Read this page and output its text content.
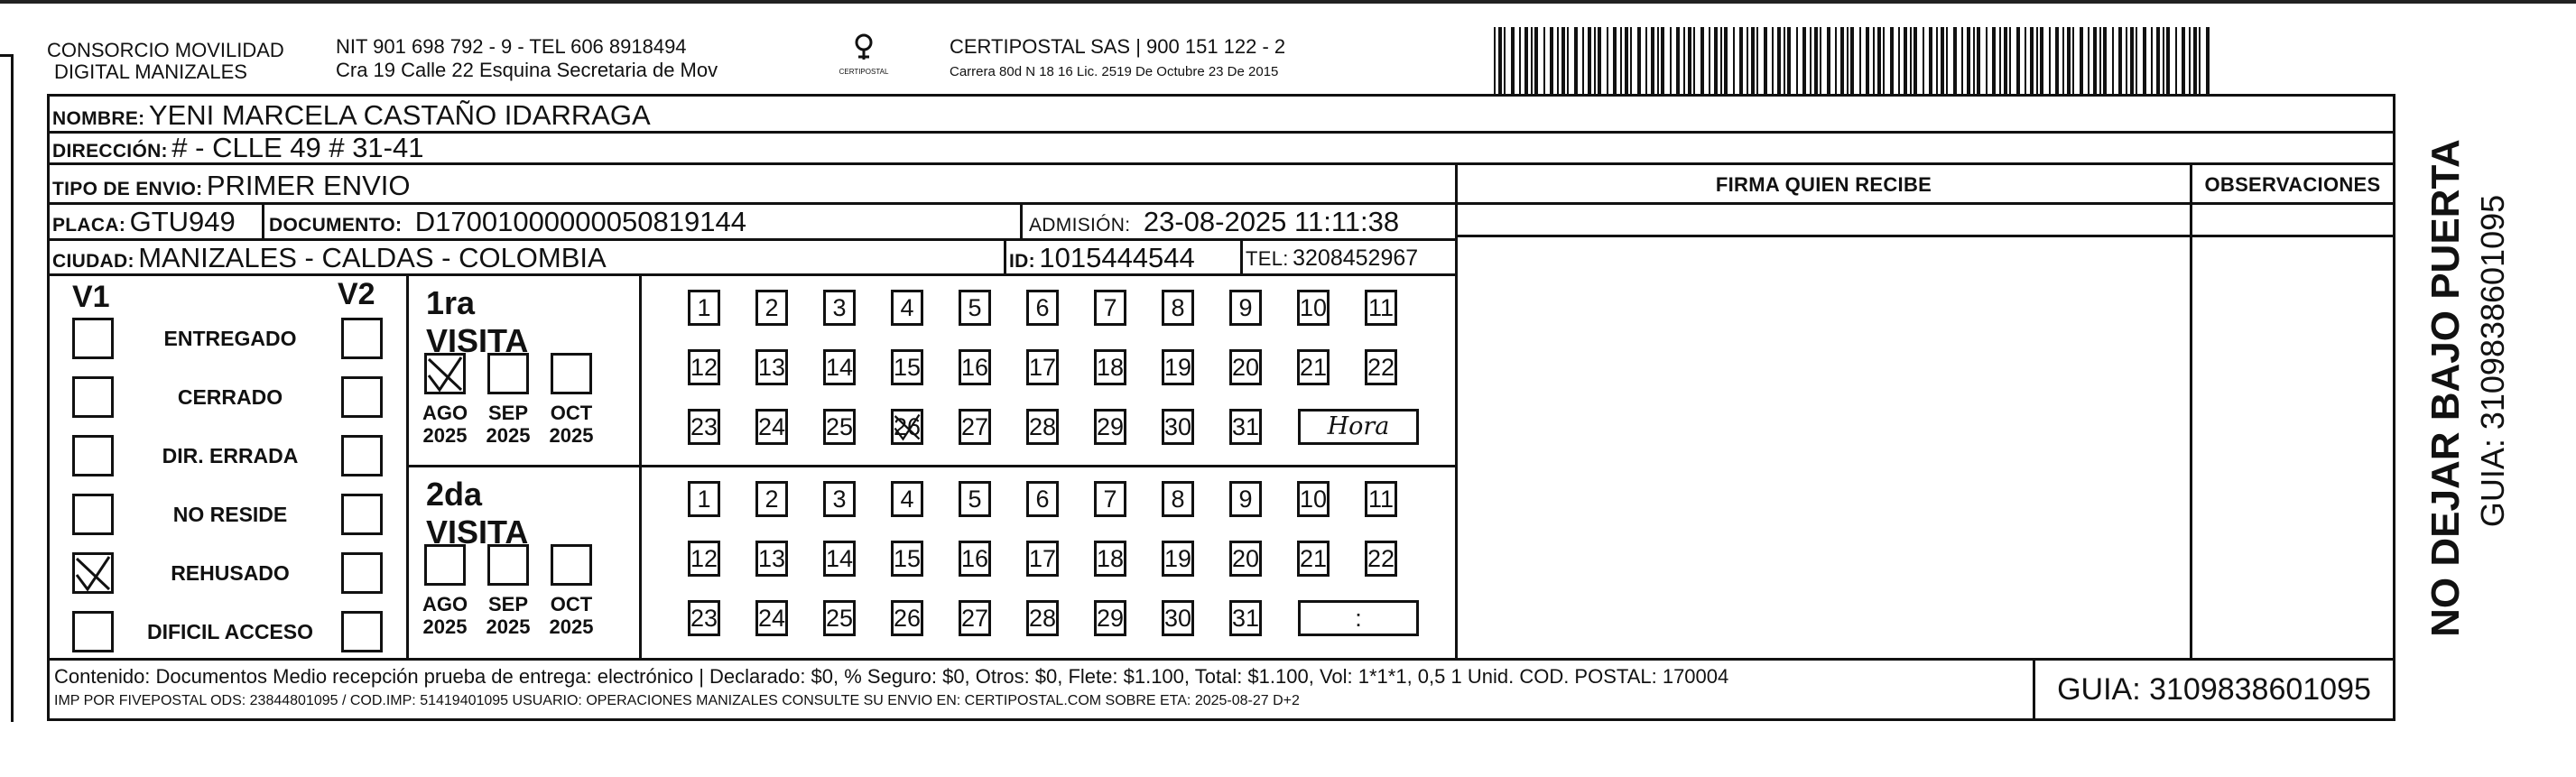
CONSORCIO MOVILIDAD
DIGITAL MANIZALES
NIT 901 698 792 - 9 - TEL 606 8918494
Cra 19 Calle 22 Esquina Secretaria de Mov	CERTIPOSTAL
CERTIPOSTAL SAS | 900 151 122 - 2
Carrera 80d N 18 16 Lic. 2519 De Octubre 23 De 2015
NOMBRE: YENI MARCELA CASTAÑO IDARRAGA
DIRECCIÓN: # - CLLE 49 # 31-41
TIPO DE ENVIO: PRIMER ENVIO
PLACA: GTU949 DOCUMENTO: D17001000000050819144	ADMISIÓN: 23-08-2025 11:11:38
CIUDAD: MANIZALES - CALDAS - COLOMBIA	ID: 1015444544	TEL: 3208452967
FIRMA QUIEN RECIBE	OBSERVACIONES
V1	V2
ENTREGADO
CERRADO
DIR. ERRADA
NO RESIDE
REHUSADO
DIFICIL ACCESO
1ra VISITA
AGO
2025
SEP
2025
OCT
2025
1	2	3	4	5	6	7	8	9	10 11
12 13 14 15 16 17 18 19 20 21 22
23 24 25 26 27 28 29 30 31	Hora
2da VISITA
AGO
2025
SEP
2025
OCT
2025
1	2	3	4	5	6	7	8	9	10 11
12 13 14 15 16 17 18 19 20 21 22
23 24 25 26 27 28 29 30 31	:
Contenido: Documentos Medio recepción prueba de entrega: electrónico | Declarado: $0, % Seguro: $0, Otros: $0, Flete: $1.100, Total: $1.100, Vol: 1*1*1, 0,5 1 Unid. COD. POSTAL: 170004
IMP POR FIVEPOSTAL ODS: 23844801095 / COD.IMP: 51419401095 USUARIO: OPERACIONES MANIZALES CONSULTE SU ENVIO EN: CERTIPOSTAL.COM SOBRE ETA: 2025-08-27 D+2	GUIA: 3109838601095
NO DEJAR BAJO PUERTA GUIA: 3109838601095
